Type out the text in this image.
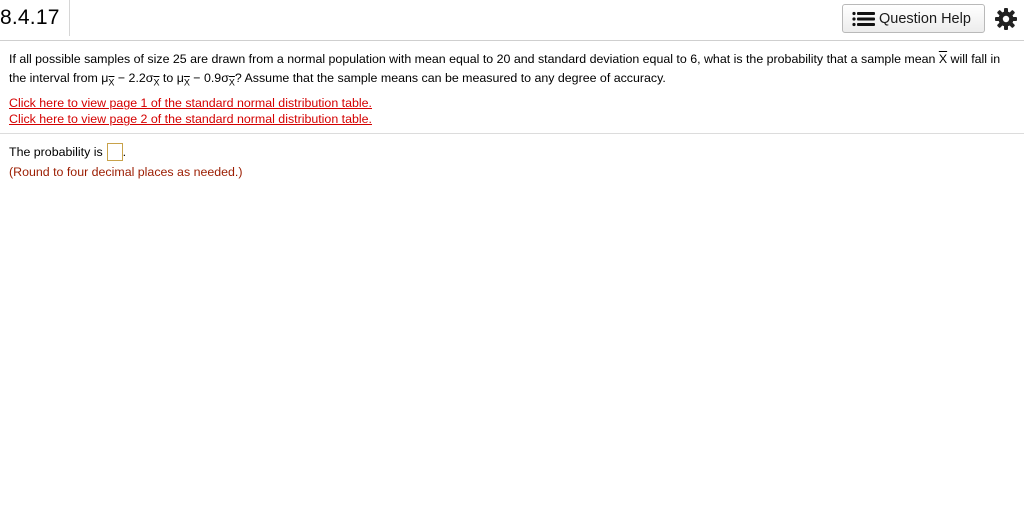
8.4.17	Question Help

If all possible samples of size 25 are drawn from a normal population with mean equal to 20 and standard deviation equal to 6, what is the probability that a sample mean $\overline{X}$ will fall in the interval from $\mu_{\overline{X}} - 2.2\sigma_{\overline{X}}$ to $\mu_{\overline{X}} - 0.9\sigma_{\overline{X}}$? Assume that the sample means can be measured to any degree of accuracy.

Click here to view page 1 of the standard normal distribution table.
Click here to view page 2 of the standard normal distribution table.
The probability is .
(Round to four decimal places as needed.)
